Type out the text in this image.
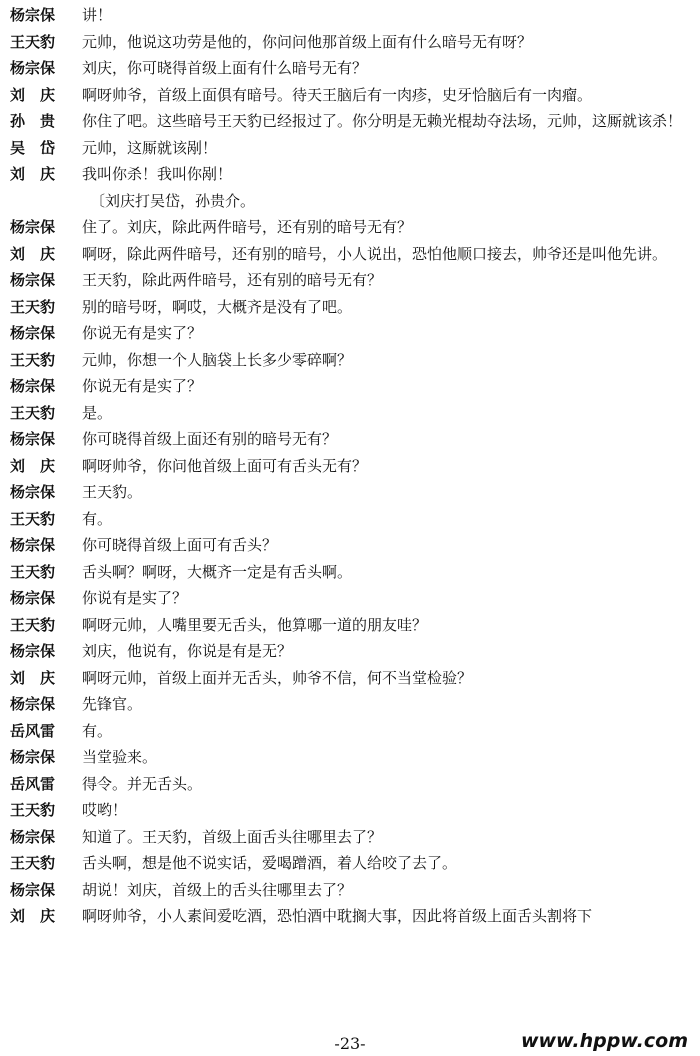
杨宗保	讲！
王天豹	元帅，他说这功劳是他的，你问问他那首级上面有什么暗号无有呀？
杨宗保	刘庆，你可晓得首级上面有什么暗号无有？
刘　庆	啊呀帅爷，首级上面俱有暗号。待天王脑后有一肉疹，史牙恰脑后有一肉瘤。
孙　贵	你住了吧。这些暗号王天豹已经报过了。你分明是无赖光棍劫夺法场，元帅，这厮就该杀！
吴　岱	元帅，这厮就该剐！
刘　庆	我叫你杀！我叫你剐！
〔刘庆打吴岱，孙贵介。
杨宗保	住了。刘庆，除此两件暗号，还有别的暗号无有？
刘　庆	啊呀，除此两件暗号，还有别的暗号，小人说出，恐怕他顺口接去，帅爷还是叫他先讲。
杨宗保	王天豹，除此两件暗号，还有别的暗号无有？
王天豹	别的暗号呀，啊哎，大概齐是没有了吧。
杨宗保	你说无有是实了？
王天豹	元帅，你想一个人脑袋上长多少零碎啊？
杨宗保	你说无有是实了？
王天豹	是。
杨宗保	你可晓得首级上面还有别的暗号无有？
刘　庆	啊呀帅爷，你问他首级上面可有舌头无有？
杨宗保	王天豹。
王天豹	有。
杨宗保	你可晓得首级上面可有舌头？
王天豹	舌头啊？啊呀，大概齐一定是有舌头啊。
杨宗保	你说有是实了？
王天豹	啊呀元帅，人嘴里要无舌头，他算哪一道的朋友哇？
杨宗保	刘庆，他说有，你说是有是无？
刘　庆	啊呀元帅，首级上面并无舌头，帅爷不信，何不当堂检验？
杨宗保	先锋官。
岳风雷	有。
杨宗保	当堂验来。
岳风雷	得令。并无舌头。
王天豹	哎哟！
杨宗保	知道了。王天豹，首级上面舌头往哪里去了？
王天豹	舌头啊，想是他不说实话，爱喝蹭酒，着人给咬了去了。
杨宗保	胡说！刘庆，首级上的舌头往哪里去了？
刘　庆	啊呀帅爷，小人素间爱吃酒，恐怕酒中耽搁大事，因此将首级上面舌头割将下
-23-	www.hppw.com
